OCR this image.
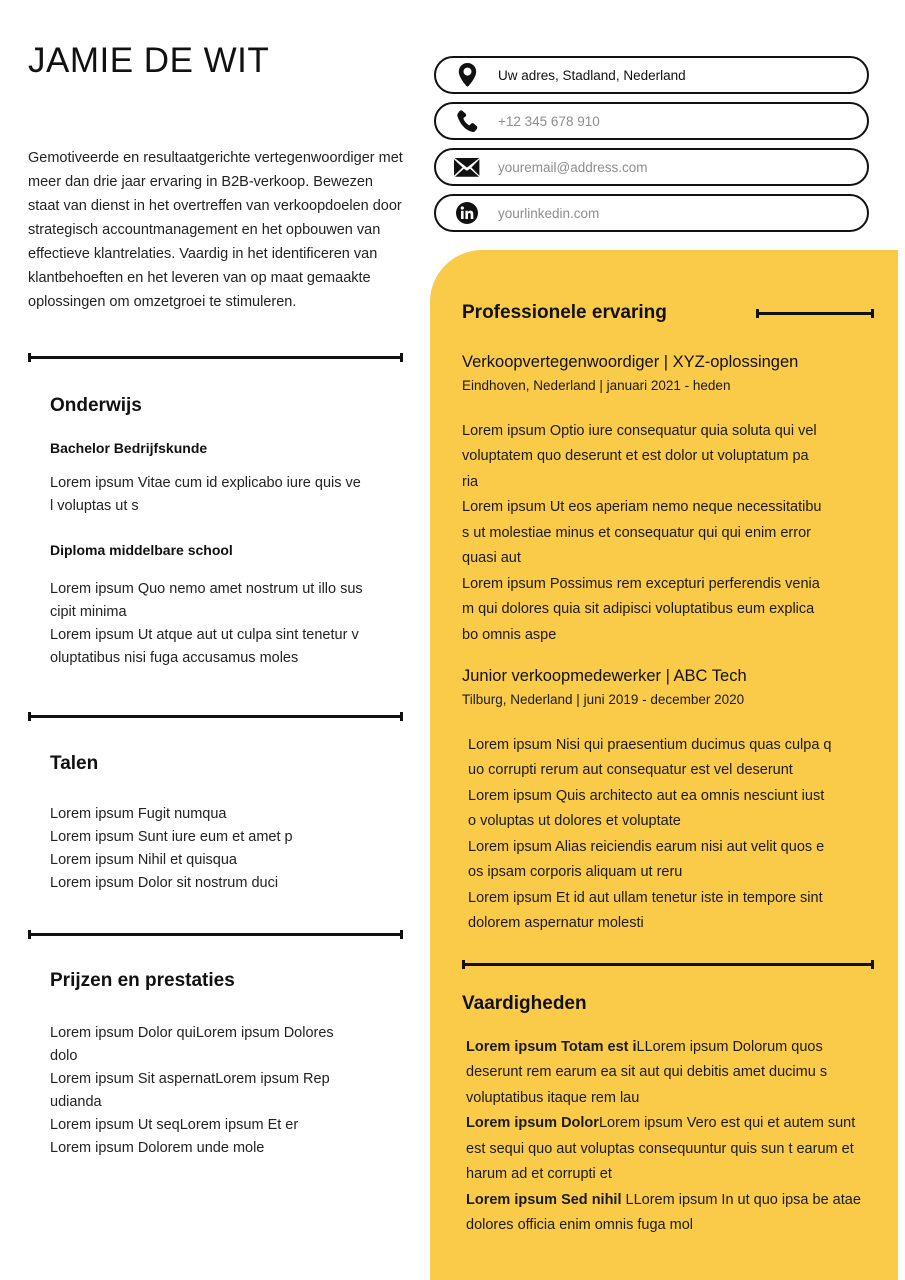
JAMIE DE WIT
Gemotiveerde en resultaatgerichte vertegenwoordiger met meer dan drie jaar ervaring in B2B-verkoop. Bewezen staat van dienst in het overtreffen van verkoopdoelen door strategisch accountmanagement en het opbouwen van effectieve klantrelaties. Vaardig in het identificeren van klantbehoeften en het leveren van op maat gemaakte oplossingen om omzetgroei te stimuleren.
Onderwijs
Bachelor Bedrijfskunde

Lorem ipsum Vitae cum id explicabo iure quis ve

l voluptas ut s

Diploma middelbare school

Lorem ipsum Quo nemo amet nostrum ut illo sus

cipit minima

Lorem ipsum Ut atque aut ut culpa sint tenetur v

oluptatibus nisi fuga accusamus moles

Talen

Lorem ipsum Fugit numqua

Lorem ipsum Sunt iure eum et amet p

Lorem ipsum Nihil et quisqua

Lorem ipsum Dolor sit nostrum duci

Prijzen en prestaties

Lorem ipsum Dolor quiLorem ipsum Dolores

dolo

Lorem ipsum Sit aspernatLorem ipsum Rep

udianda

Lorem ipsum Ut seqLorem ipsum Et er

Lorem ipsum Dolorem unde mole

Uw adres, Stadland, Nederland
+12 345 678 910
youremail@address.com
yourlinkedin.com
Professionele ervaring
Verkoopvertegenwoordiger | XYZ-oplossingen
Eindhoven, Nederland | januari 2021 - heden

Lorem ipsum Optio iure consequatur quia soluta qui vel

voluptatem quo deserunt et est dolor ut voluptatum pa

ria

Lorem ipsum Ut eos aperiam nemo neque necessitatibu

s ut molestiae minus et consequatur qui qui enim error

quasi aut

Lorem ipsum Possimus rem excepturi perferendis venia

m qui dolores quia sit adipisci voluptatibus eum explica

bo omnis aspe

Junior verkoopmedewerker | ABC Tech
Tilburg, Nederland | juni 2019 - december 2020

Lorem ipsum Nisi qui praesentium ducimus quas culpa q

uo corrupti rerum aut consequatur est vel deserunt

Lorem ipsum Quis architecto aut ea omnis nesciunt iust

o voluptas ut dolores et voluptate

Lorem ipsum Alias reiciendis earum nisi aut velit quos e

os ipsam corporis aliquam ut reru

Lorem ipsum Et id aut ullam tenetur iste in tempore sint

dolorem aspernatur molesti

Vaardigheden

Lorem ipsum Totam est iLLorem ipsum Dolorum quos deserunt rem earum ea sit aut qui debitis amet ducimu s voluptatibus itaque rem lau

Lorem ipsum DolorLorem ipsum Vero est qui et autem sunt est sequi quo aut voluptas consequuntur quis sun t earum et harum ad et corrupti et

Lorem ipsum Sed nihil LLorem ipsum In ut quo ipsa be atae dolores officia enim omnis fuga mol
